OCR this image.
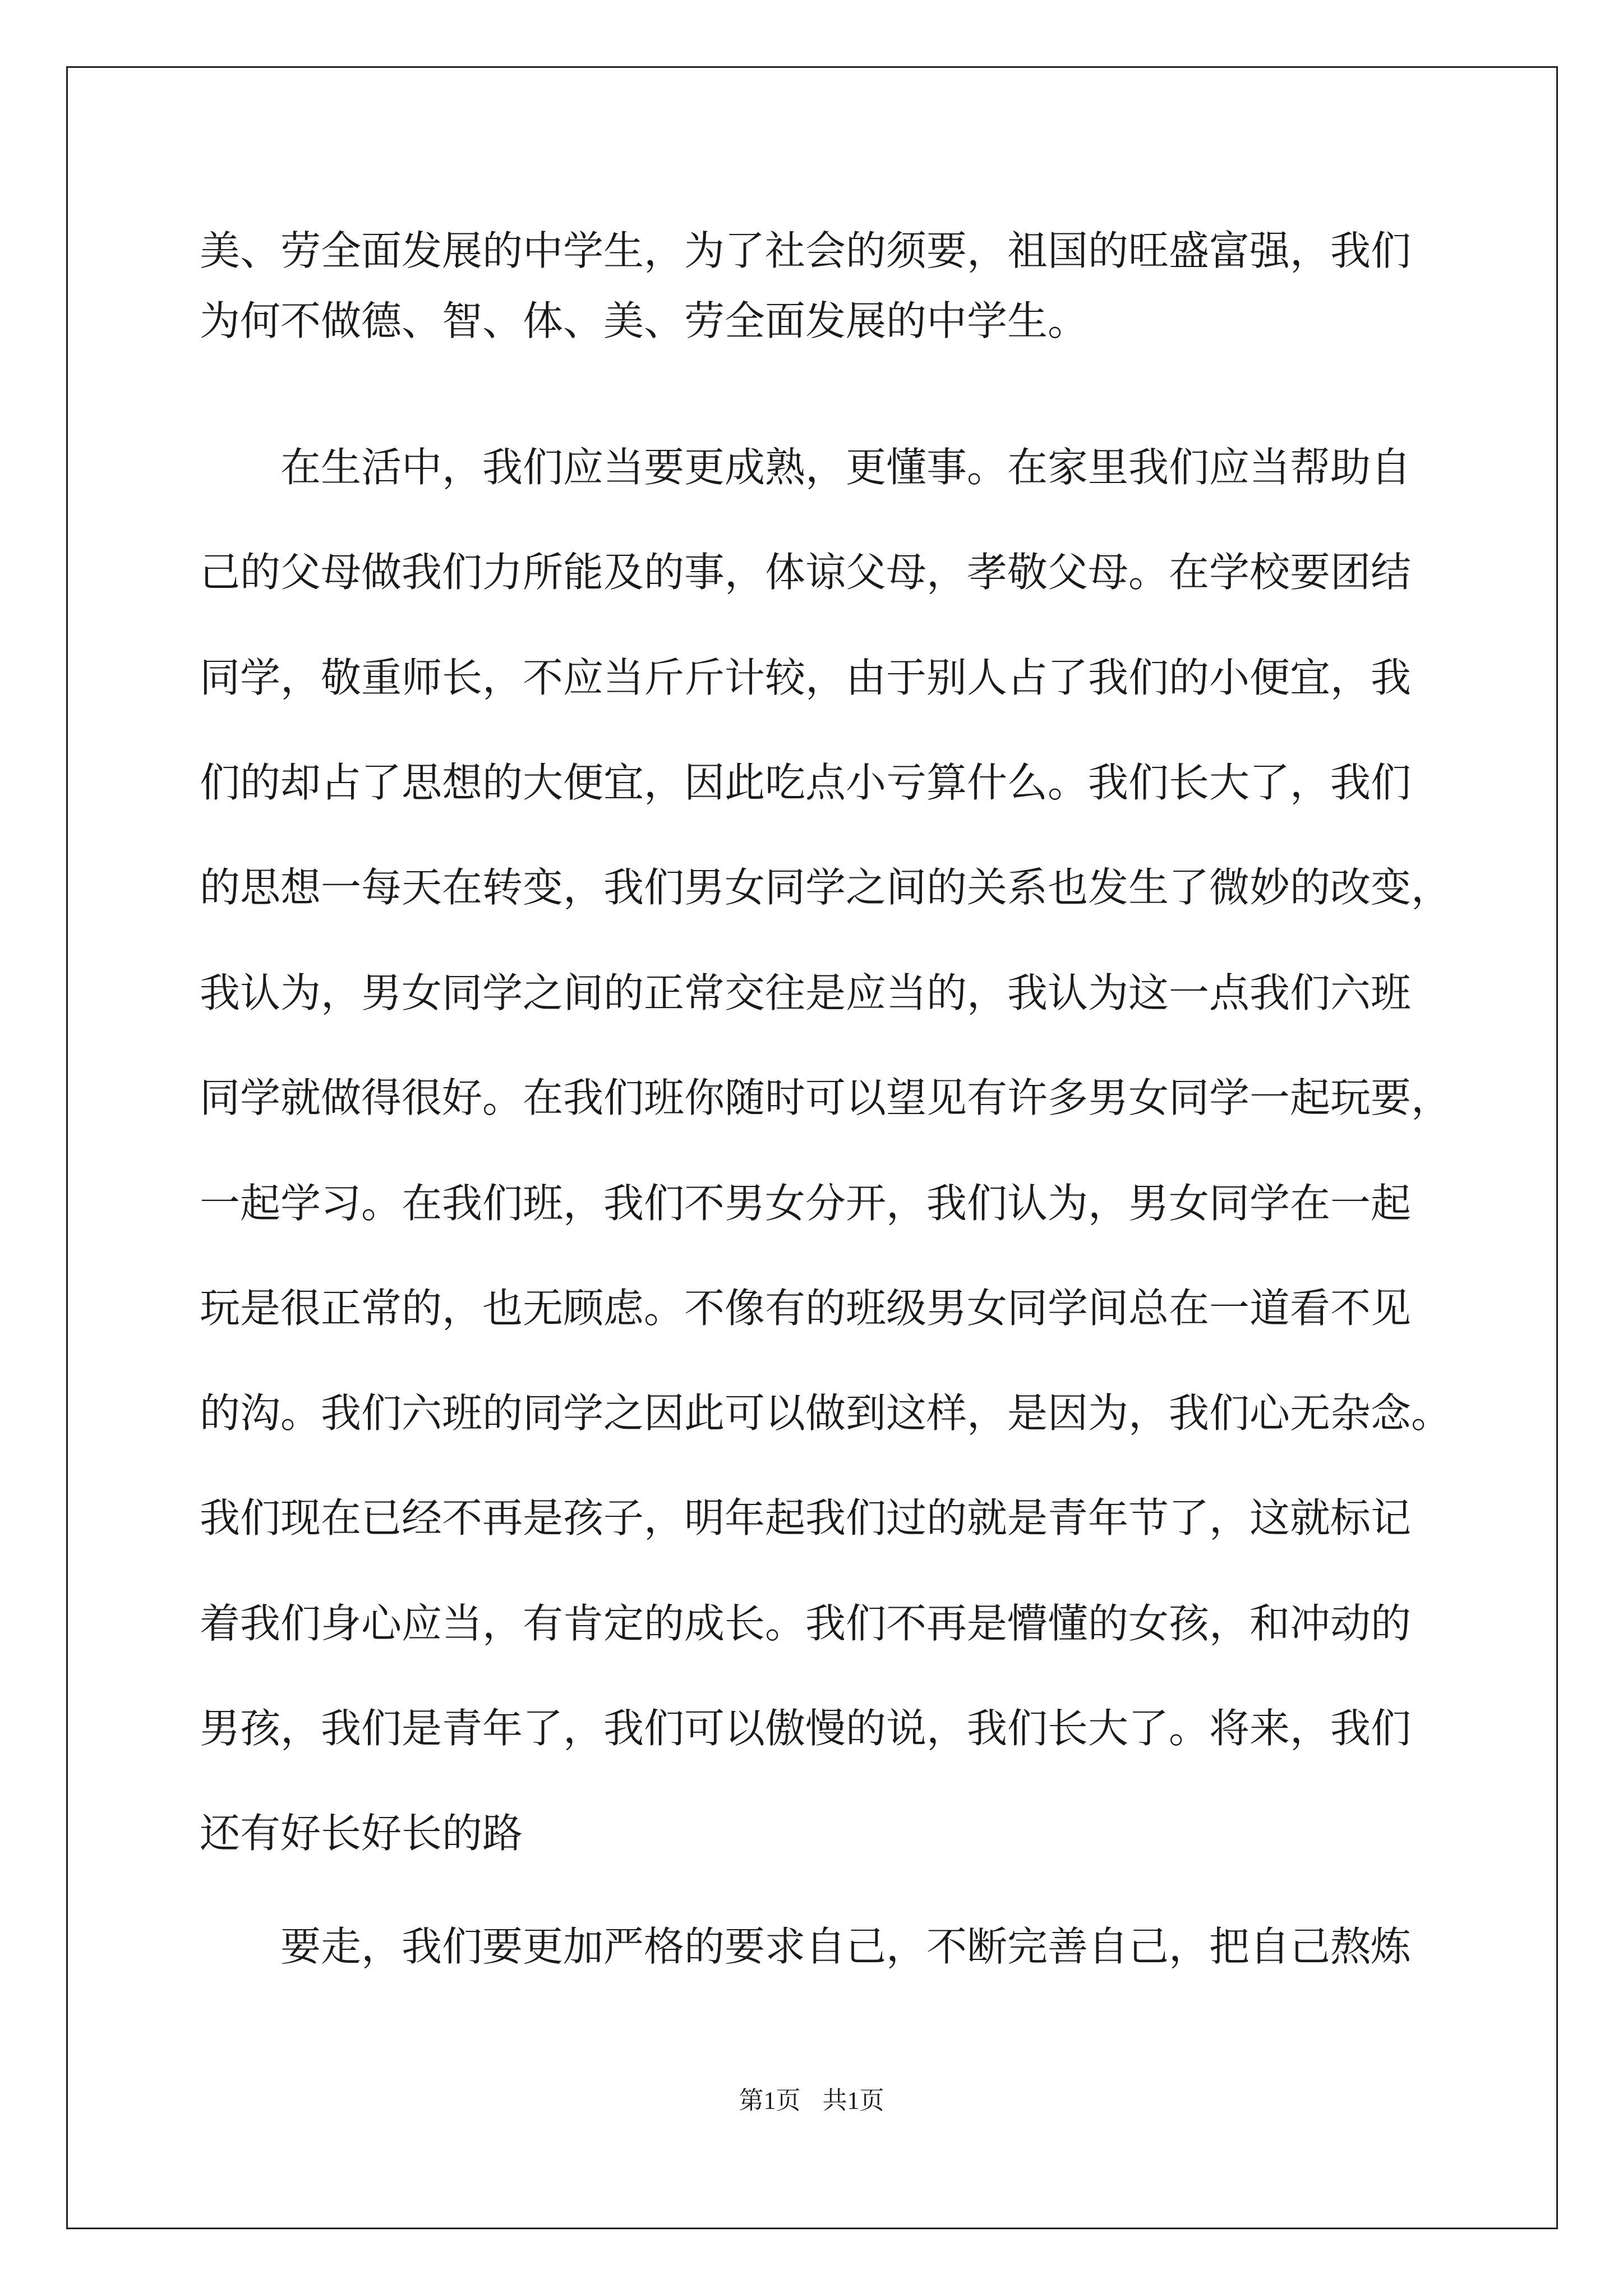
美、劳全面发展的中学生，为了社会的须要，祖国的旺盛富强，我们
为何不做德、智、体、美、劳全面发展的中学生。
在生活中，我们应当要更成熟，更懂事。在家里我们应当帮助自
己的父母做我们力所能及的事，体谅父母，孝敬父母。在学校要团结
同学，敬重师长，不应当斤斤计较，由于别人占了我们的小便宜，我
们的却占了思想的大便宜，因此吃点小亏算什么。我们长大了，我们
的思想一每天在转变，我们男女同学之间的关系也发生了微妙的改变，
我认为，男女同学之间的正常交往是应当的，我认为这一点我们六班
同学就做得很好。在我们班你随时可以望见有许多男女同学一起玩要，
一起学习。在我们班，我们不男女分开，我们认为，男女同学在一起
玩是很正常的，也无顾虑。不像有的班级男女同学间总在一道看不见
的沟。我们六班的同学之因此可以做到这样，是因为，我们心无杂念。
我们现在已经不再是孩子，明年起我们过的就是青年节了，这就标记
着我们身心应当，有肯定的成长。我们不再是懵懂的女孩，和冲动的
男孩，我们是青年了，我们可以傲慢的说，我们长大了。将来，我们
还有好长好长的路
要走，我们要更加严格的要求自己，不断完善自己，把自己熬炼
第1页 共1页
